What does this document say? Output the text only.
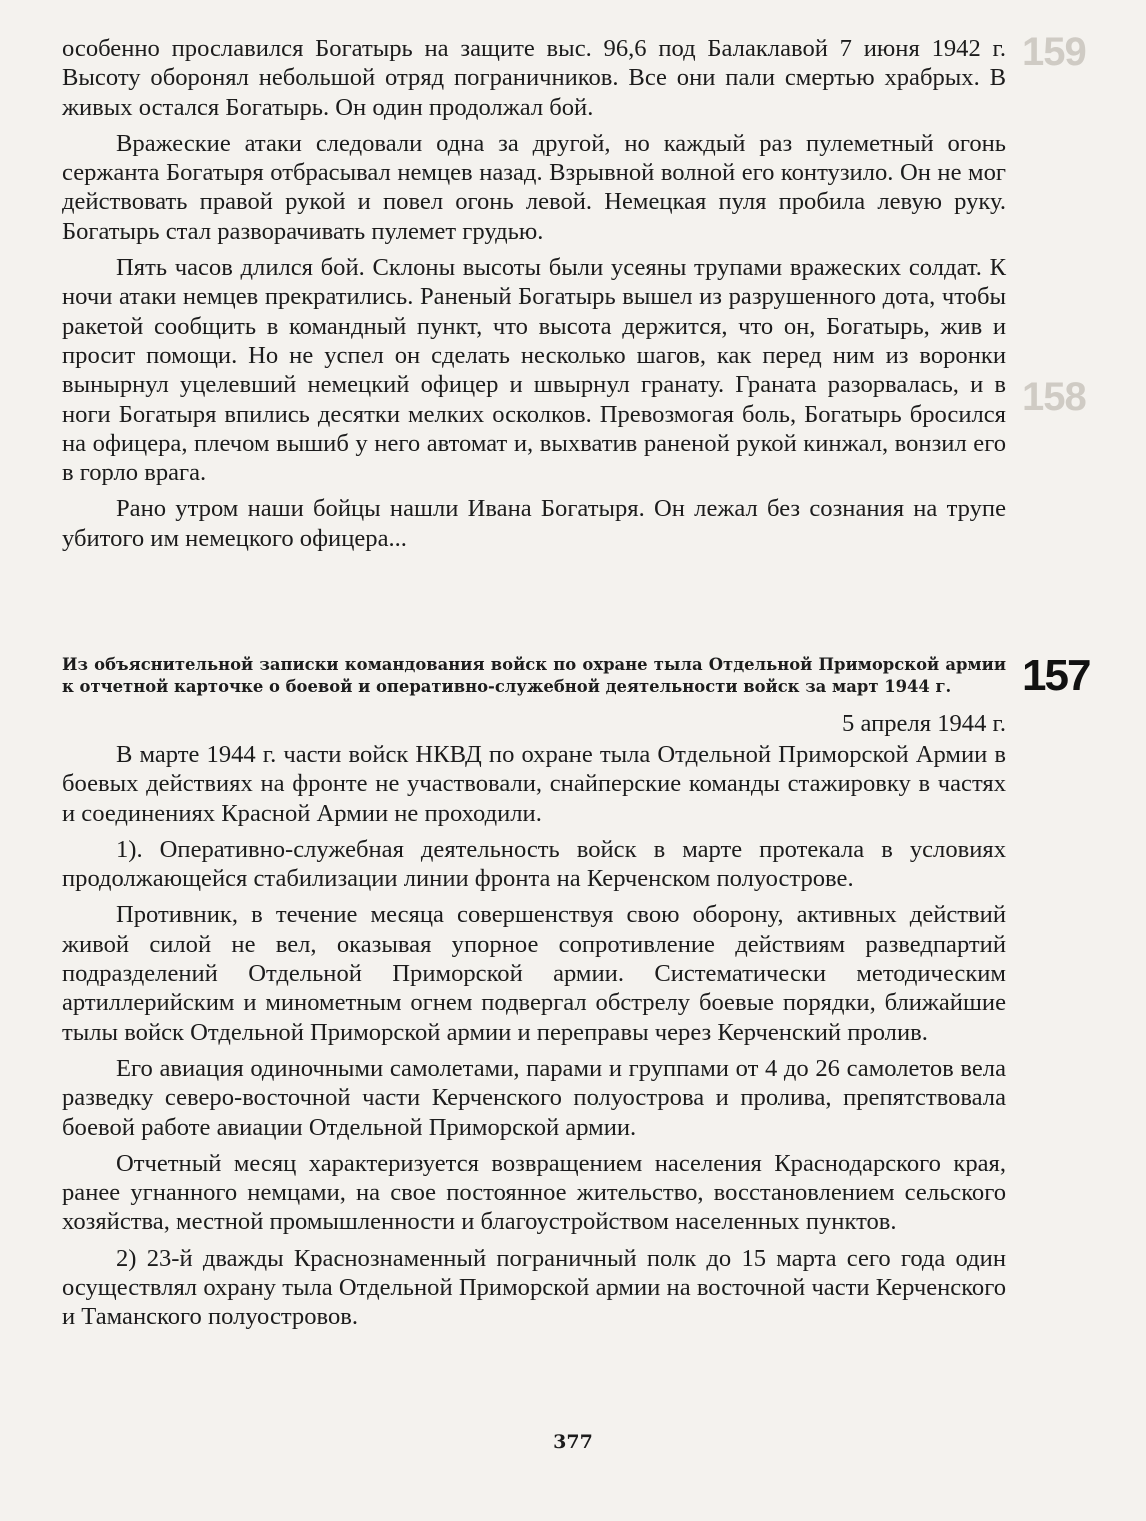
159
158

особенно прославился Богатырь на защите выс. 96,6 под Балаклавой 7 июня 1942 г. Высоту оборонял небольшой отряд пограничников. Все они пали смертью храбрых. В живых остался Богатырь. Он один продолжал бой.

Вражеские атаки следовали одна за другой, но каждый раз пулеметный огонь сержанта Богатыря отбрасывал немцев назад. Взрывной волной его контузило. Он не мог действовать правой рукой и повел огонь левой. Немецкая пуля пробила левую руку. Богатырь стал разворачивать пулемет грудью.

Пять часов длился бой. Склоны высоты были усеяны трупами вражеских солдат. К ночи атаки немцев прекратились. Раненый Богатырь вышел из разрушенного дота, чтобы ракетой сообщить в командный пункт, что высота держится, что он, Богатырь, жив и просит помощи. Но не успел он сделать несколько шагов, как перед ним из воронки вынырнул уцелевший немецкий офицер и швырнул гранату. Граната разорвалась, и в ноги Богатыря впились десятки мелких осколков. Превозмогая боль, Богатырь бросился на офицера, плечом вышиб у него автомат и, выхватив раненой рукой кинжал, вонзил его в горло врага.

Рано утром наши бойцы нашли Ивана Богатыря. Он лежал без сознания на трупе убитого им немецкого офицера...

157
Из объяснительной записки командования войск по охране тыла Отдельной Приморской армии к отчетной карточке о боевой и оперативно-служебной деятельности войск за март 1944 г.
5 апреля 1944 г.

В марте 1944 г. части войск НКВД по охране тыла Отдельной Приморской Армии в боевых действиях на фронте не участвовали, снайперские команды стажировку в частях и соединениях Красной Армии не проходили.

1). Оперативно-служебная деятельность войск в марте протекала в условиях продолжающейся стабилизации линии фронта на Керченском полуострове.

Противник, в течение месяца совершенствуя свою оборону, активных действий живой силой не вел, оказывая упорное сопротивление действиям разведпартий подразделений Отдельной Приморской армии. Систематически методическим артиллерийским и минометным огнем подвергал обстрелу боевые порядки, ближайшие тылы войск Отдельной Приморской армии и переправы через Керченский пролив.

Его авиация одиночными самолетами, парами и группами от 4 до 26 самолетов вела разведку северо-восточной части Керченского полуострова и пролива, препятствовала боевой работе авиации Отдельной Приморской армии.

Отчетный месяц характеризуется возвращением населения Краснодарского края, ранее угнанного немцами, на свое постоянное жительство, восстановлением сельского хозяйства, местной промышленности и благоустройством населенных пунктов.

2) 23-й дважды Краснознаменный пограничный полк до 15 марта сего года один осуществлял охрану тыла Отдельной Приморской армии на восточной части Керченского и Таманского полуостровов.

377
